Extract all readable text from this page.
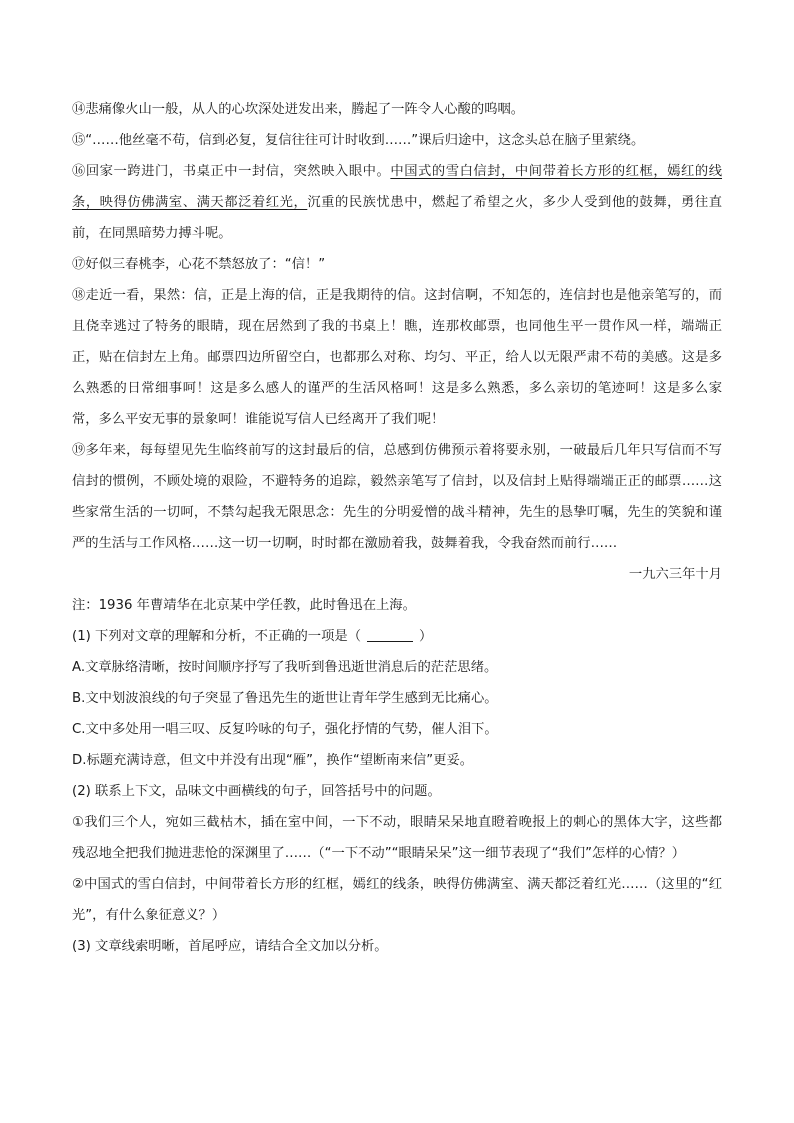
⑭悲痛像火山一般，从人的心坎深处迸发出来，腾起了一阵令人心酸的呜咽。

⑮“……他丝毫不苟，信到必复，复信往往可计时收到……”课后归途中，这念头总在脑子里萦绕。

⑯回家一跨进门，书桌正中一封信，突然映入眼中。中国式的雪白信封，中间带着长方形的红框，嫣红的线条，映得仿佛满室、满天都泛着红光，沉重的民族忧患中，燃起了希望之火，多少人受到他的鼓舞，勇往直前，在同黑暗势力搏斗呢。

⑰好似三春桃李，心花不禁怒放了：“信！”

⑱走近一看，果然：信，正是上海的信，正是我期待的信。这封信啊，不知怎的，连信封也是他亲笔写的，而且侥幸逃过了特务的眼睛，现在居然到了我的书桌上！瞧，连那枚邮票，也同他生平一贯作风一样，端端正正，贴在信封左上角。邮票四边所留空白，也都那么对称、均匀、平正，给人以无限严肃不苟的美感。这是多么熟悉的日常细事呵！这是多么感人的谨严的生活风格呵！这是多么熟悉，多么亲切的笔迹呵！这是多么家常，多么平安无事的景象呵！谁能说写信人已经离开了我们呢！

⑲多年来，每每望见先生临终前写的这封最后的信，总感到仿佛预示着将要永别，一破最后几年只写信而不写信封的惯例，不顾处境的艰险，不避特务的追踪，毅然亲笔写了信封，以及信封上贴得端端正正的邮票……这些家常生活的一切呵，不禁勾起我无限思念：先生的分明爱憎的战斗精神，先生的恳挚叮嘱，先生的笑貌和谨严的生活与工作风格……这一切一切啊，时时都在激励着我，鼓舞着我，令我奋然而前行……

一九六三年十月

注：1936 年曹靖华在北京某中学任教，此时鲁迅在上海。

(1) 下列对文章的理解和分析，不正确的一项是（	）

A.文章脉络清晰，按时间顺序抒写了我听到鲁迅逝世消息后的茫茫思绪。

B.文中划波浪线的句子突显了鲁迅先生的逝世让青年学生感到无比痛心。

C.文中多处用一唱三叹、反复吟咏的句子，强化抒情的气势，催人泪下。

D.标题充满诗意，但文中并没有出现“雁”，换作“望断南来信”更妥。

(2) 联系上下文，品味文中画横线的句子，回答括号中的问题。

①我们三个人，宛如三截枯木，插在室中间，一下不动，眼睛呆呆地直瞪着晚报上的刺心的黑体大字，这些都残忍地全把我们抛进悲怆的深渊里了……（“一下不动”“眼睛呆呆”这一细节表现了“我们”怎样的心情？）

②中国式的雪白信封，中间带着长方形的红框，嫣红的线条，映得仿佛满室、满天都泛着红光……（这里的“红光”，有什么象征意义？）

(3) 文章线索明晰，首尾呼应，请结合全文加以分析。
